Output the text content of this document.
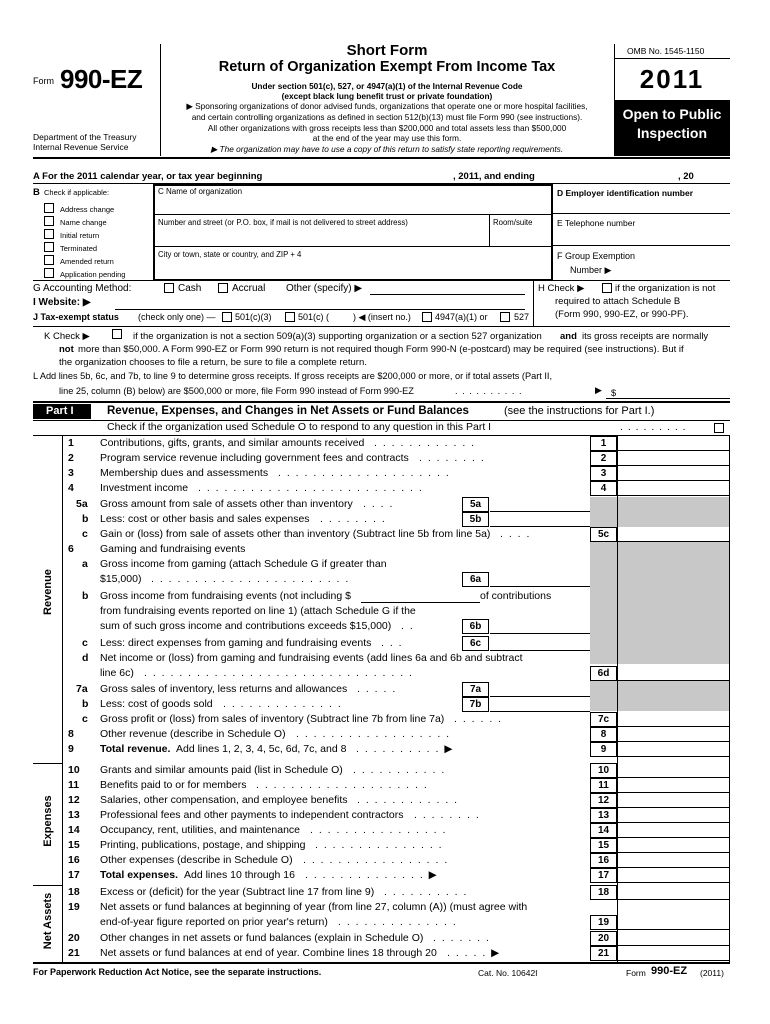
Form 990-EZ
Department of the Treasury
Internal Revenue Service
Short Form
Return of Organization Exempt From Income Tax
Under section 501(c), 527, or 4947(a)(1) of the Internal Revenue Code
(except black lung benefit trust or private foundation)
▶ Sponsoring organizations of donor advised funds, organizations that operate one or more hospital facilities,
and certain controlling organizations as defined in section 512(b)(13) must file Form 990 (see instructions).
All other organizations with gross receipts less than $200,000 and total assets less than $500,000
at the end of the year may use this form.
▶ The organization may have to use a copy of this return to satisfy state reporting requirements.
OMB No. 1545-1150
2011
Open to Public
Inspection
A For the 2011 calendar year, or tax year beginning	, 2011, and ending	, 20
B Check if applicable:
Address change
Name change
Initial return
Terminated
Amended return
Application pending
C Name of organization
Number and street (or P.O. box, if mail is not delivered to street address)	Room/suite
City or town, state or country, and ZIP + 4
D Employer identification number
E Telephone number
F Group Exemption
Number ▶
G Accounting Method:	Cash	Accrual Other (specify) ▶	H Check ▶	if the organization is not
required to attach Schedule B
(Form 990, 990-EZ, or 990-PF).
I Website: ▶
J Tax-exempt status (check only one) — 501(c)(3)	501(c) (	) ◀ (insert no.)	4947(a)(1) or	527
K Check ▶	if the organization is not a section 509(a)(3) supporting organization or a section 527 organization and its gross receipts are normally
not more than $50,000. A Form 990-EZ or Form 990 return is not required though Form 990-N (e-postcard) may be required (see instructions). But if
the organization chooses to file a return, be sure to file a complete return.
L Add lines 5b, 6c, and 7b, to line 9 to determine gross receipts. If gross receipts are $200,000 or more, or if total assets (Part II,
line 25, column (B) below) are $500,000 or more, file Form 990 instead of Form 990-EZ	. . . . . . . . . .	▶ $
Part I	Revenue, Expenses, and Changes in Net Assets or Fund Balances	(see the instructions for Part I.)
Check if the organization used Schedule O to respond to any question in this Part I	. . . . . . . . .
Revenue
Expenses
Net Assets
1	Contributions, gifts, grants, and similar amounts received . . . . . . . . . . . .	1
2	Program service revenue including government fees and contracts . . . . . . . .	2
3	Membership dues and assessments . . . . . . . . . . . . . . . . . . . .	3
4	Investment income . . . . . . . . . . . . . . . . . . . . . . . . . .	4
5a	Gross amount from sale of assets other than inventory . . . .	5a
b Less: cost or other basis and sales expenses . . . . . . . .	5b
c Gain or (loss) from sale of assets other than inventory (Subtract line 5b from line 5a) . . . .	5c
6	Gaming and fundraising events
a Gross income from gaming (attach Schedule G if greater than
$15,000) . . . . . . . . . . . . . . . . . . . . . . .	6a
b Gross income from fundraising events (not including $	of contributions
from fundraising events reported on line 1) (attach Schedule G if the
sum of such gross income and contributions exceeds $15,000) . .	6b
c Less: direct expenses from gaming and fundraising events . . .	6c
d Net income or (loss) from gaming and fundraising events (add lines 6a and 6b and subtract
line 6c) . . . . . . . . . . . . . . . . . . . . . . . . . . . . . . .	6d
7a	Gross sales of inventory, less returns and allowances . . . . .	7a
b Less: cost of goods sold . . . . . . . . . . . . . .	7b
c Gross profit or (loss) from sales of inventory (Subtract line 7b from line 7a) . . . . . .	7c
8	Other revenue (describe in Schedule O) . . . . . . . . . . . . . . . . . .	8
9	Total revenue. Add lines 1, 2, 3, 4, 5c, 6d, 7c, and 8 . . . . . . . . . . ▶	9
10	Grants and similar amounts paid (list in Schedule O) . . . . . . . . . . .	10
11	Benefits paid to or for members . . . . . . . . . . . . . . . . . . . .	11
12	Salaries, other compensation, and employee benefits . . . . . . . . . . . .	12
13	Professional fees and other payments to independent contractors . . . . . . . .	13
14	Occupancy, rent, utilities, and maintenance . . . . . . . . . . . . . . . .	14
15	Printing, publications, postage, and shipping . . . . . . . . . . . . . . .	15
16	Other expenses (describe in Schedule O) . . . . . . . . . . . . . . . . .	16
17	Total expenses. Add lines 10 through 16 . . . . . . . . . . . . . . ▶	17
18	Excess or (deficit) for the year (Subtract line 17 from line 9) . . . . . . . . . .	18
19	Net assets or fund balances at beginning of year (from line 27, column (A)) (must agree with
end-of-year figure reported on prior year's return) . . . . . . . . . . . . . .	19
20	Other changes in net assets or fund balances (explain in Schedule O) . . . . . . .	20
21	Net assets or fund balances at end of year. Combine lines 18 through 20 . . . . . ▶	21
For Paperwork Reduction Act Notice, see the separate instructions.	Cat. No. 10642I	Form 990-EZ (2011)
